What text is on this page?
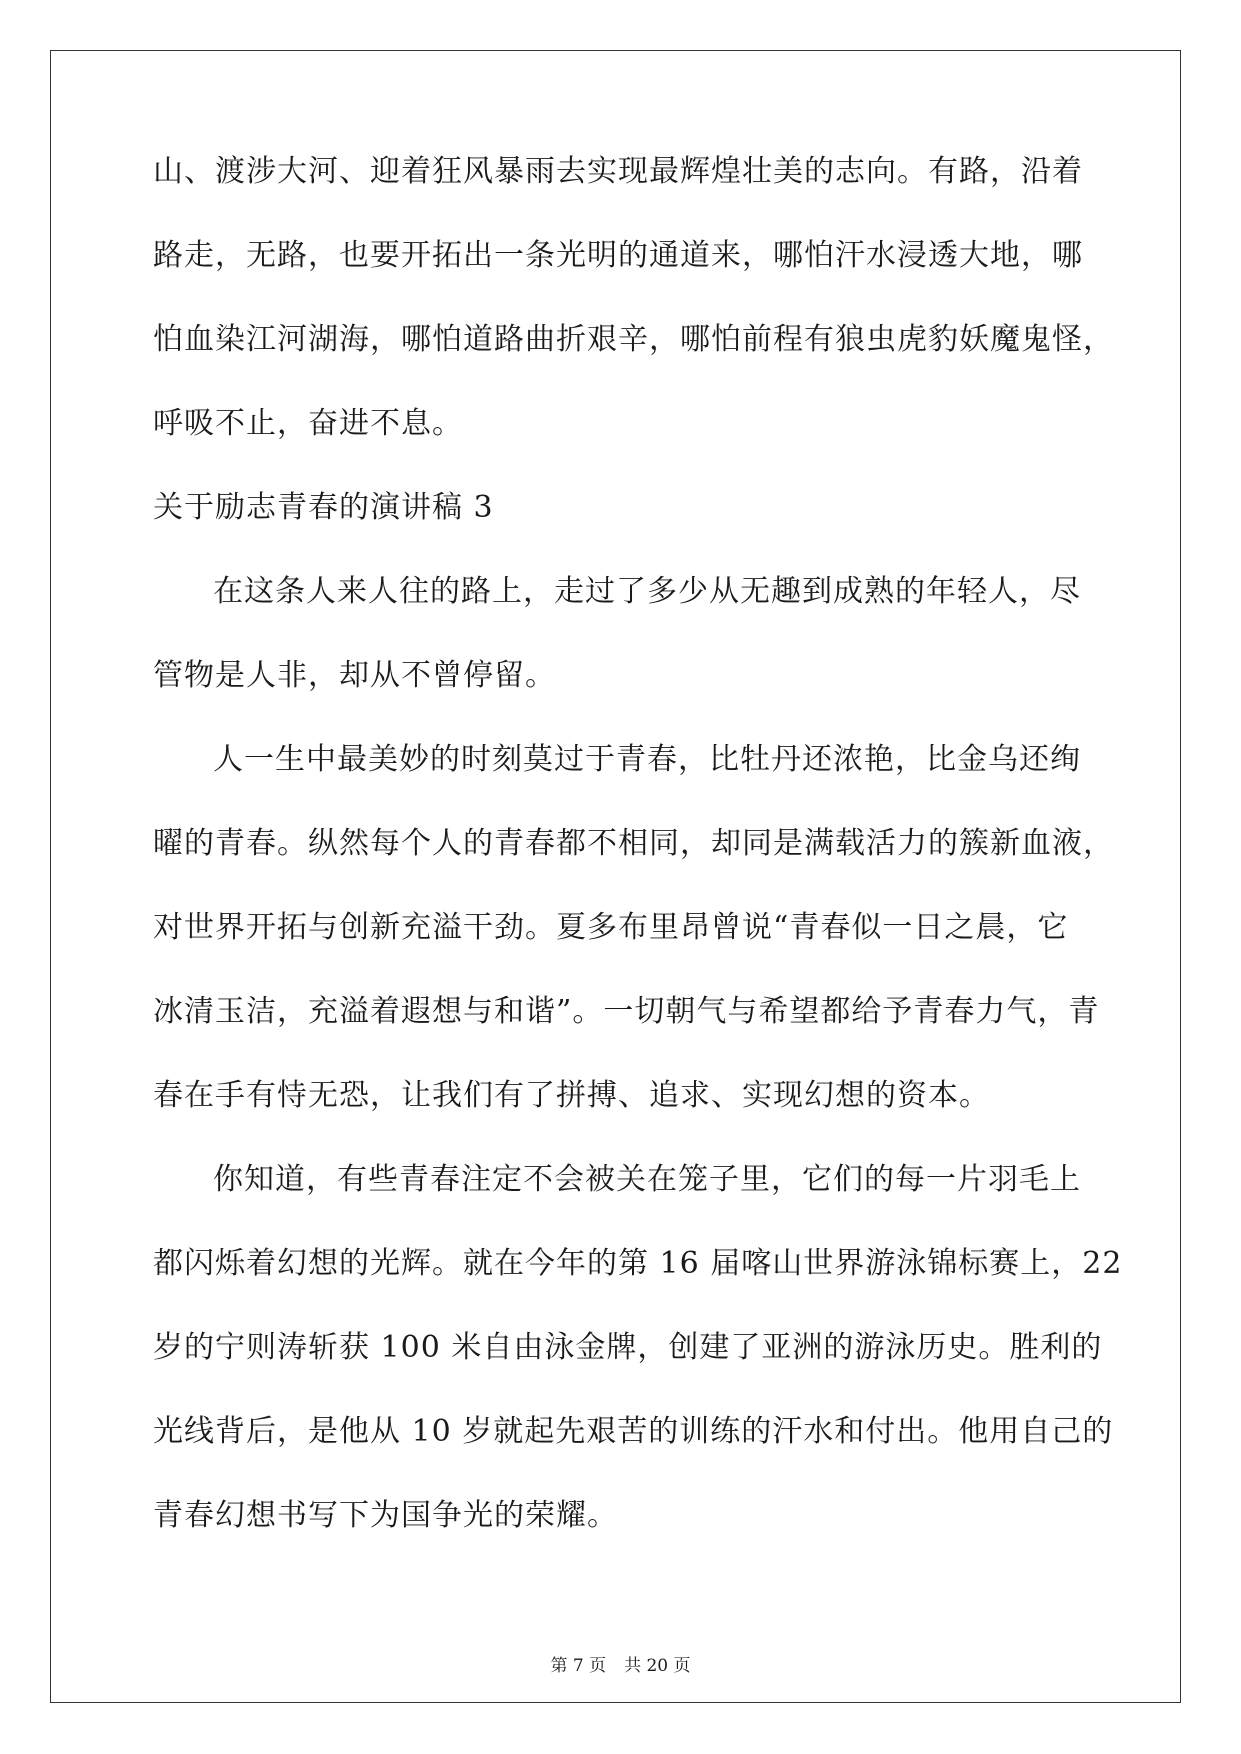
山、渡涉大河、迎着狂风暴雨去实现最辉煌壮美的志向。有路，沿着
路走，无路，也要开拓出一条光明的通道来，哪怕汗水浸透大地，哪
怕血染江河湖海，哪怕道路曲折艰辛，哪怕前程有狼虫虎豹妖魔鬼怪，
呼吸不止，奋进不息。
关于励志青春的演讲稿 3
在这条人来人往的路上，走过了多少从无趣到成熟的年轻人，尽
管物是人非，却从不曾停留。
人一生中最美妙的时刻莫过于青春，比牡丹还浓艳，比金乌还绚
曜的青春。纵然每个人的青春都不相同，却同是满载活力的簇新血液，
对世界开拓与创新充溢干劲。夏多布里昂曾说“青春似一日之晨，它
冰清玉洁，充溢着遐想与和谐”。一切朝气与希望都给予青春力气，青
春在手有恃无恐，让我们有了拼搏、追求、实现幻想的资本。
你知道，有些青春注定不会被关在笼子里，它们的每一片羽毛上
都闪烁着幻想的光辉。就在今年的第 16 届喀山世界游泳锦标赛上，22
岁的宁则涛斩获 100 米自由泳金牌，创建了亚洲的游泳历史。胜利的
光线背后，是他从 10 岁就起先艰苦的训练的汗水和付出。他用自己的
青春幻想书写下为国争光的荣耀。
第 7 页 共 20 页
